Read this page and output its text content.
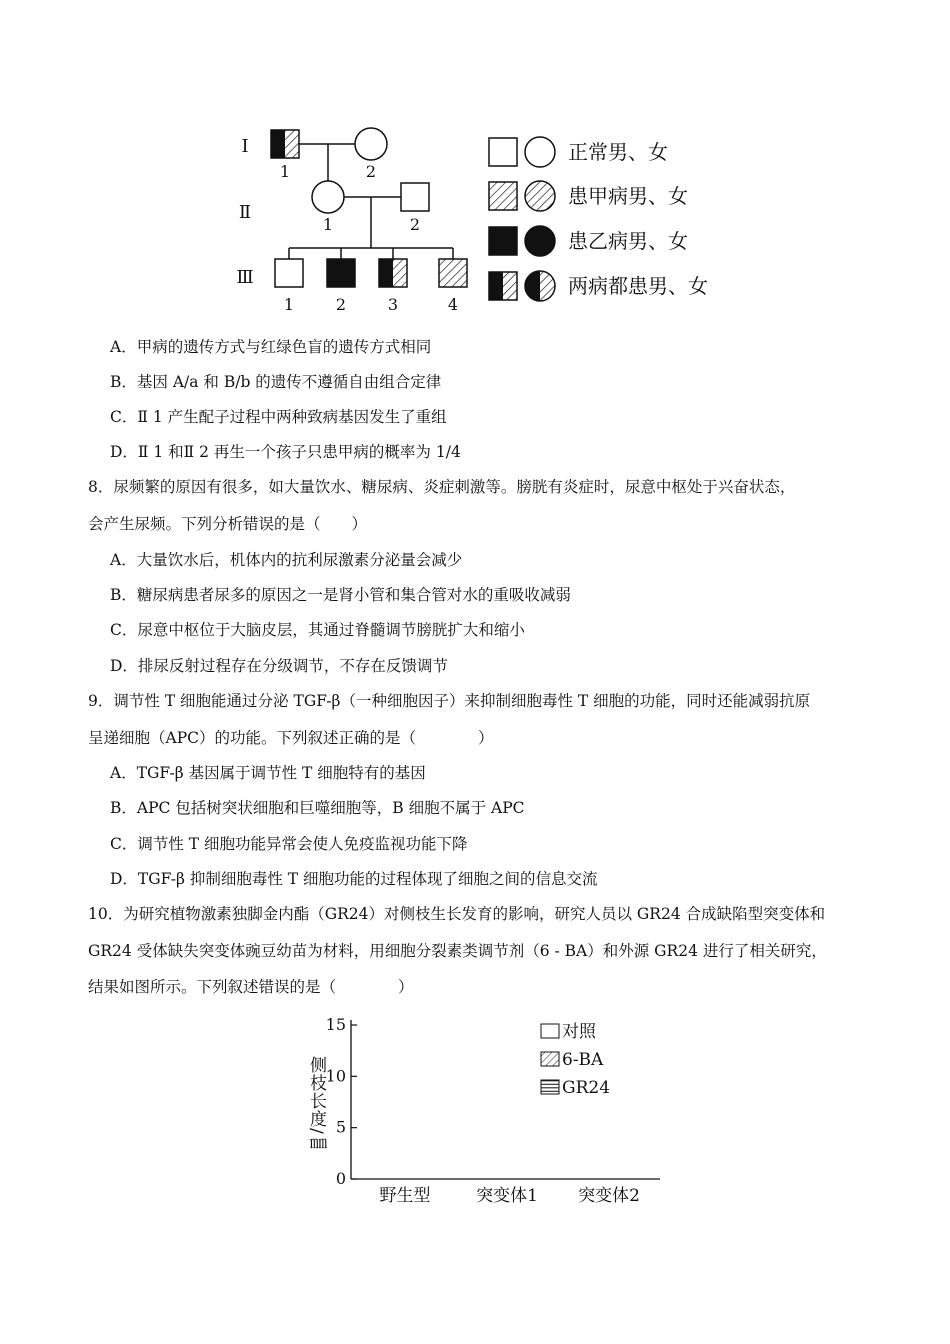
Ⅰ
Ⅱ
Ⅲ
1	2
1	2
1	2	3	4
正常男、女
患甲病男、女
患乙病男、女
两病都患男、女
A．甲病的遗传方式与红绿色盲的遗传方式相同
B．基因 A/a 和 B/b 的遗传不遵循自由组合定律
C．Ⅱ 1 产生配子过程中两种致病基因发生了重组
D．Ⅱ 1 和Ⅱ 2 再生一个孩子只患甲病的概率为 1/4
8．尿频繁的原因有很多，如大量饮水、糖尿病、炎症刺激等。膀胱有炎症时，尿意中枢处于兴奋状态，
会产生尿频。下列分析错误的是（　　）
A．大量饮水后，机体内的抗利尿激素分泌量会减少
B．糖尿病患者尿多的原因之一是肾小管和集合管对水的重吸收减弱
C．尿意中枢位于大脑皮层，其通过脊髓调节膀胱扩大和缩小
D．排尿反射过程存在分级调节，不存在反馈调节
9．调节性 T 细胞能通过分泌 TGF-β（一种细胞因子）来抑制细胞毒性 T 细胞的功能，同时还能减弱抗原
呈递细胞（APC）的功能。下列叙述正确的是（　　　　）
A．TGF-β 基因属于调节性 T 细胞特有的基因
B．APC 包括树突状细胞和巨噬细胞等，B 细胞不属于 APC
C．调节性 T 细胞功能异常会使人免疫监视功能下降
D．TGF-β 抑制细胞毒性 T 细胞功能的过程体现了细胞之间的信息交流
10．为研究植物激素独脚金内酯（GR24）对侧枝生长发育的影响，研究人员以 GR24 合成缺陷型突变体和
GR24 受体缺失突变体豌豆幼苗为材料，用细胞分裂素类调节剂（6 - BA）和外源 GR24 进行了相关研究，
结果如图所示。下列叙述错误的是（　　　　）
侧枝长度/㎜
0
5
10
15
野生型	突变体1 突变体2
对照
6-BA
GR24
